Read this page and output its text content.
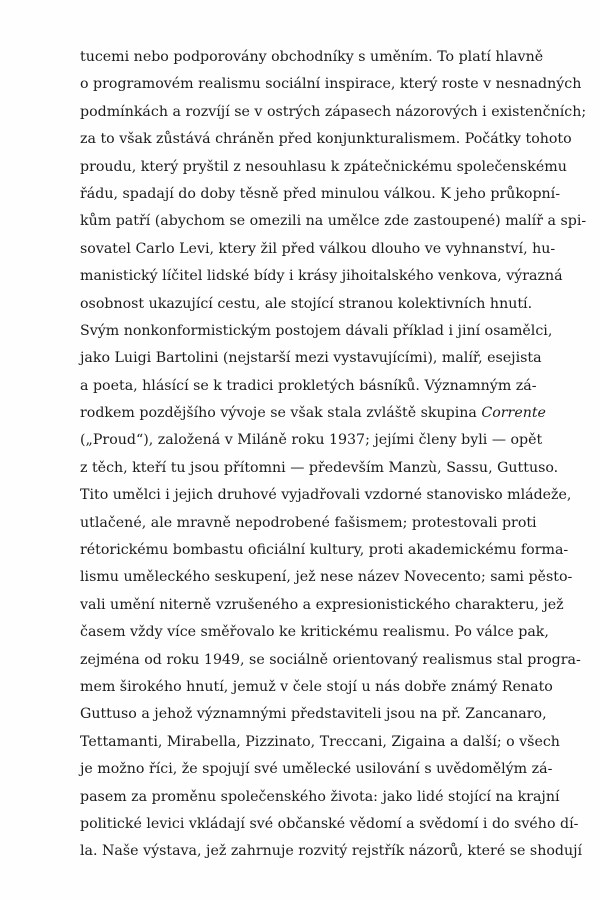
tucemi nebo podporovány obchodníky s uměním. To platí hlavně
o programovém realismu sociální inspirace, který roste v nesnadných
podmínkách a rozvíjí se v ostrých zápasech názorových i existenčních;
za to však zůstává chráněn před konjunkturalismem. Počátky tohoto
proudu, který pryštil z nesouhlasu k zpátečnickému společenskému
řádu, spadají do doby těsně před minulou válkou. K jeho průkopní-
kům patří (abychom se omezili na umělce zde zastoupené) malíř a spi-
sovatel Carlo Levi, ktery žil před válkou dlouho ve vyhnanství, hu-
manistický líčitel lidské bídy i krásy jihoitalského venkova, výrazná
osobnost ukazující cestu, ale stojící stranou kolektivních hnutí.
Svým nonkonformistickým postojem dávali příklad i jiní osamělci,
jako Luigi Bartolini (nejstarší mezi vystavujícími), malíř, esejista
a poeta, hlásící se k tradici prokletých básníků. Významným zá-
rodkem pozdějšího vývoje se však stala zvláště skupina Corrente
(„Proud“), založená v Miláně roku 1937; jejími členy byli — opět
z těch, kteří tu jsou přítomni — především Manzù, Sassu, Guttuso.
Tito umělci i jejich druhové vyjadřovali vzdorné stanovisko mládeže,
utlačené, ale mravně nepodrobené fašismem; protestovali proti
rétorickému bombastu oficiální kultury, proti akademickému forma-
lismu uměleckého seskupení, jež nese název Novecento; sami pěsto-
vali umění niterně vzrušeného a expresionistického charakteru, jež
časem vždy více směřovalo ke kritickému realismu. Po válce pak,
zejména od roku 1949, se sociálně orientovaný realismus stal progra-
mem širokého hnutí, jemuž v čele stojí u nás dobře známý Renato
Guttuso a jehož významnými představiteli jsou na př. Zancanaro,
Tettamanti, Mirabella, Pizzinato, Treccani, Zigaina a další; o všech
je možno říci, že spojují své umělecké usilování s uvědomělým zá-
pasem za proměnu společenského života: jako lidé stojící na krajní
politické levici vkládají své občanské vědomí a svědomí i do svého dí-
la. Naše výstava, jež zahrnuje rozvitý rejstřík názorů, které se shodují
